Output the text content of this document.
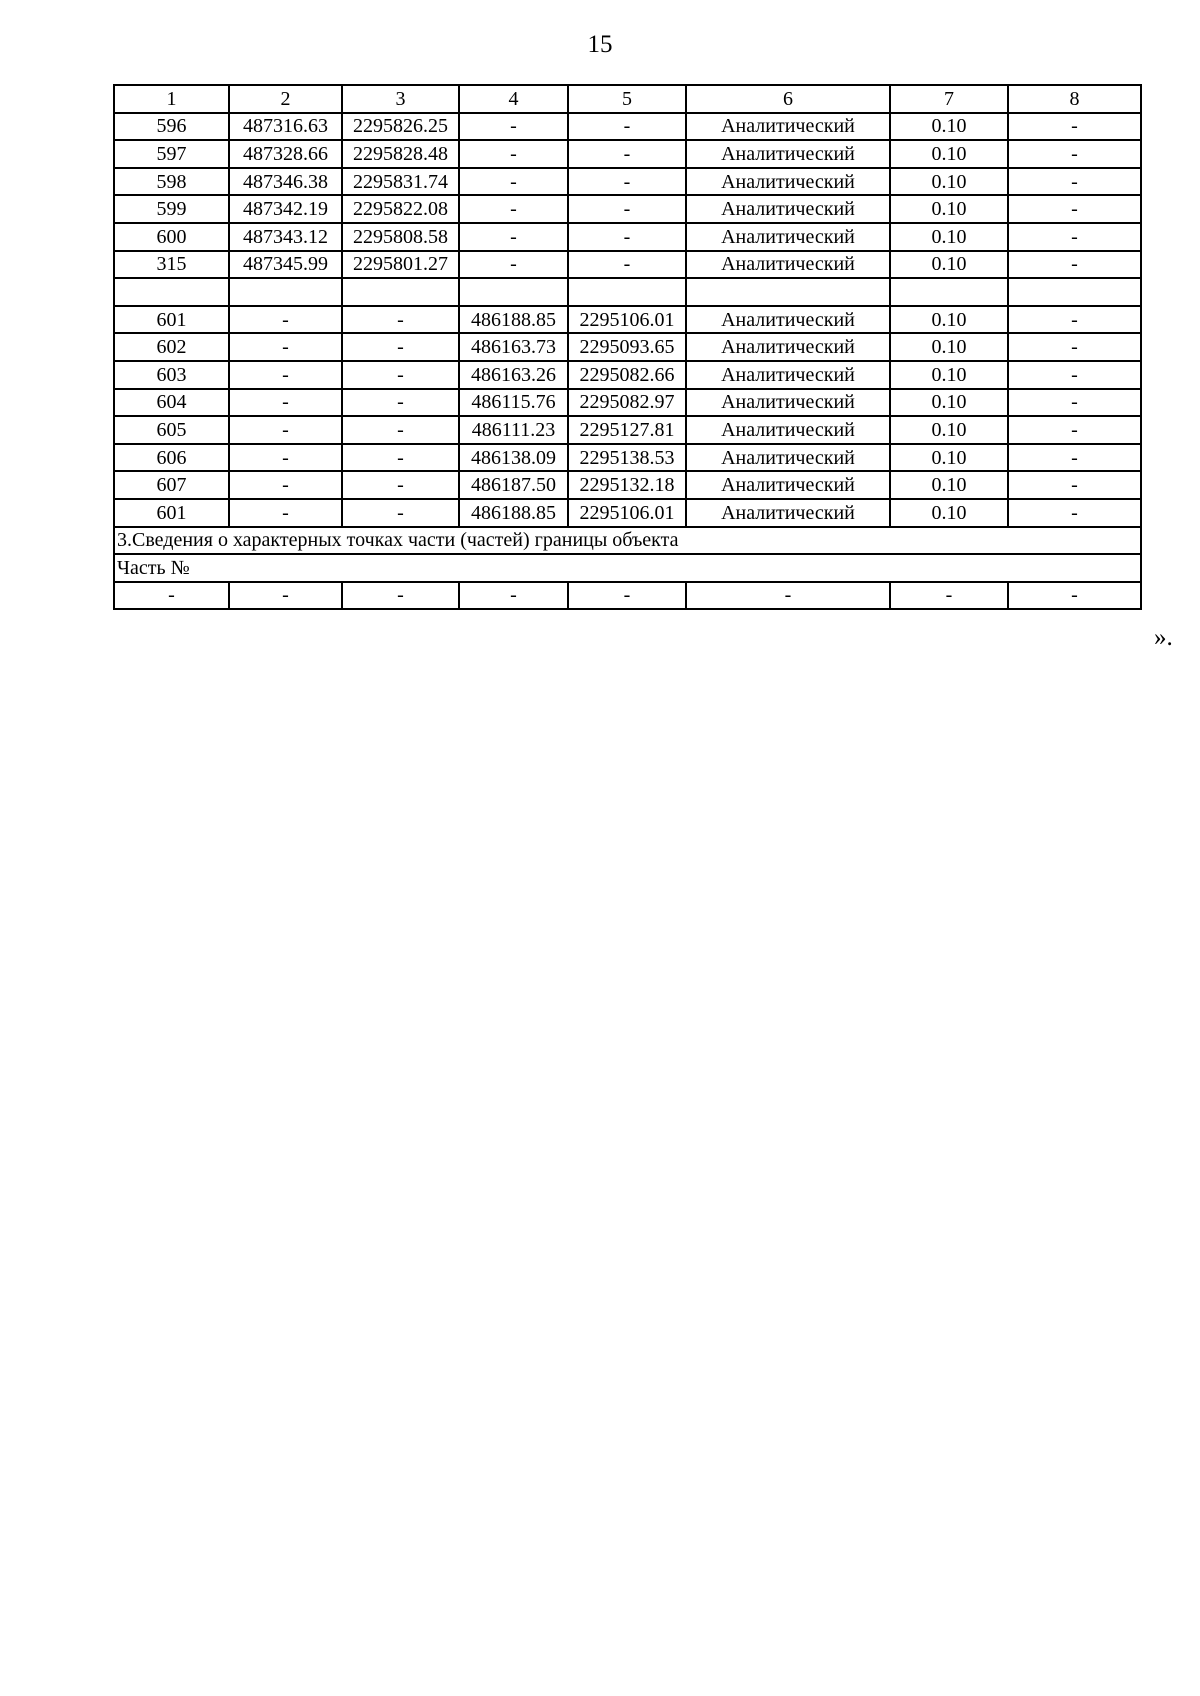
15
1	2	3	4	5	6	7	8
596	487316.63	2295826.25	-	-	Аналитический	0.10	-
597	487328.66	2295828.48	-	-	Аналитический	0.10	-
598	487346.38	2295831.74	-	-	Аналитический	0.10	-
599	487342.19	2295822.08	-	-	Аналитический	0.10	-
600	487343.12	2295808.58	-	-	Аналитический	0.10	-
315	487345.99	2295801.27	-	-	Аналитический	0.10	-

601	-	-	486188.85	2295106.01	Аналитический	0.10	-
602	-	-	486163.73	2295093.65	Аналитический	0.10	-
603	-	-	486163.26	2295082.66	Аналитический	0.10	-
604	-	-	486115.76	2295082.97	Аналитический	0.10	-
605	-	-	486111.23	2295127.81	Аналитический	0.10	-
606	-	-	486138.09	2295138.53	Аналитический	0.10	-
607	-	-	486187.50	2295132.18	Аналитический	0.10	-
601	-	-	486188.85	2295106.01	Аналитический	0.10	-
3.Сведения о характерных точках части (частей) границы объекта							
Часть №							
-	-	-	-	-	-	-	-
».
